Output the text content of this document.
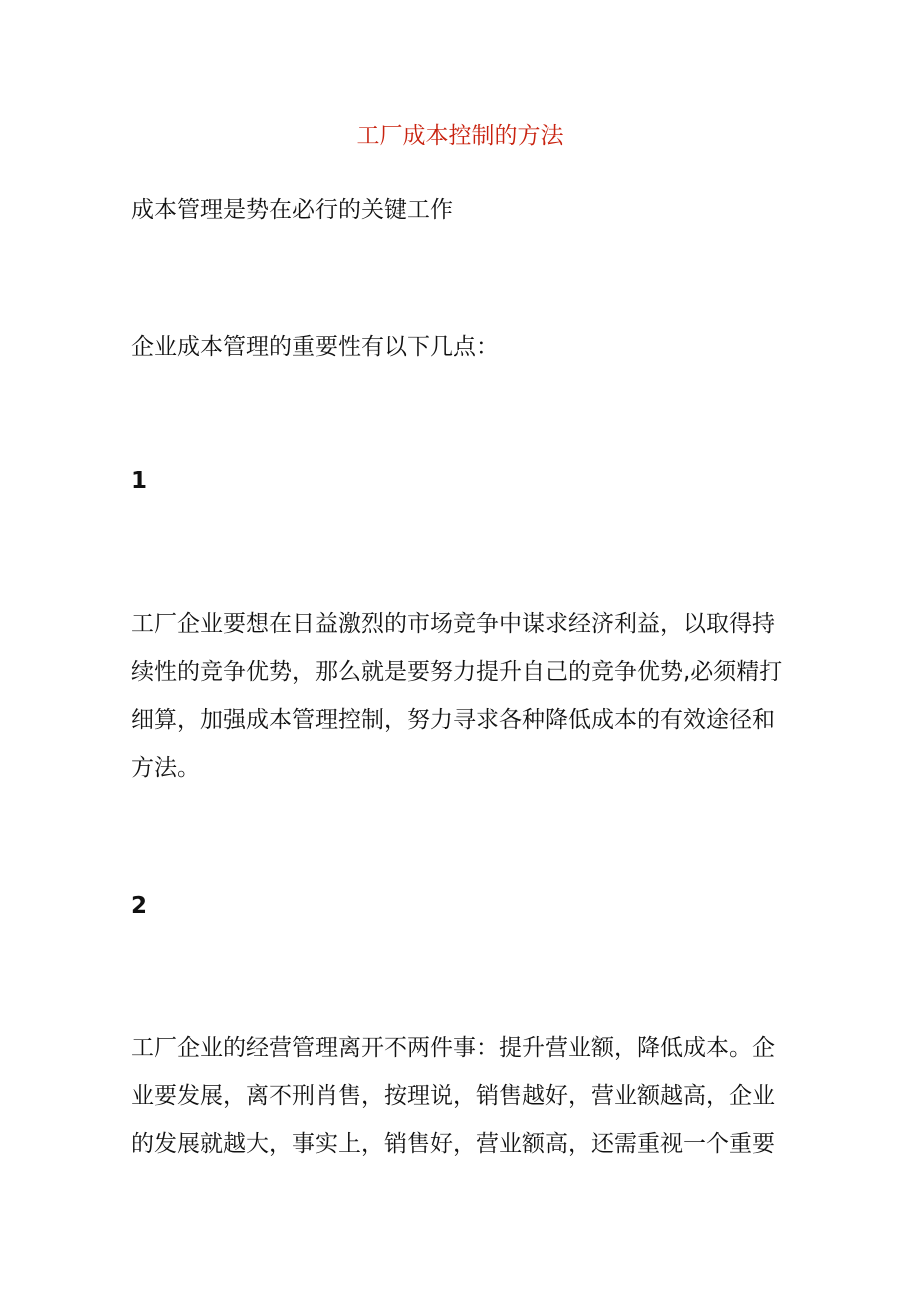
工厂成本控制的方法

成本管理是势在必行的关键工作

企业成本管理的重要性有以下几点：

1

工厂企业要想在日益激烈的市场竞争中谋求经济利益，以取得持续性的竞争优势，那么就是要努力提升自己的竞争优势,必须精打细算，加强成本管理控制，努力寻求各种降低成本的有效途径和方法。

2

工厂企业的经营管理离开不两件事：提升营业额，降低成本。企业要发展，离不刑肖售，按理说，销售越好，营业额越高，企业的发展就越大，事实上，销售好，营业额高，还需重视一个重要
